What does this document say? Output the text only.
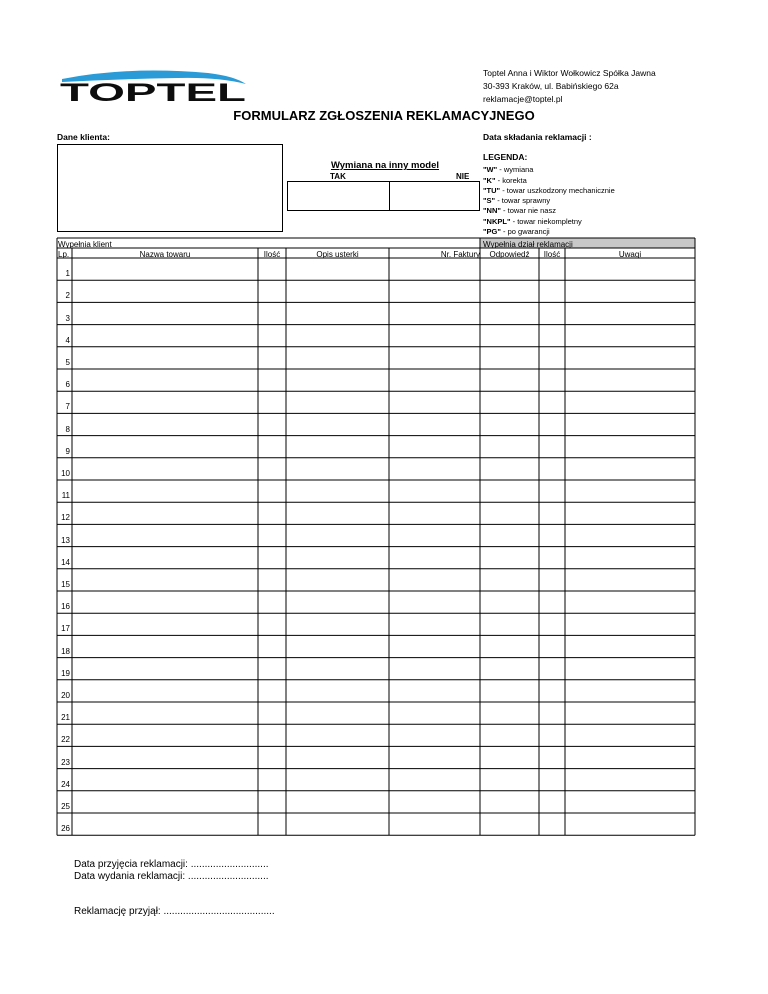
Toptel Anna i Wiktor Wołkowicz Spółka Jawna
30-393 Kraków, ul. Babińskiego 62a
reklamacje@toptel.pl
TOPTEL
FORMULARZ ZGŁOSZENIA REKLAMACYJNEGO
Dane klienta:	Data składania reklamacji :
Wymiana na inny model
TAK	NIE
LEGENDA:
"W" - wymiana
"K" - korekta
"TU" - towar uszkodzony mechanicznie
"S" - towar sprawny
"NN" - towar nie nasz
"NKPL" - towar niekompletny
"PG" - po gwarancji
Wypełnia klient	Wypełnia dział reklamacji
Lp.	Nazwa towaru	Ilość	Opis usterki	Nr. Faktury	Odpowiedź	Ilość	Uwagi
1
2
3
4
5
6
7
8
9
10
11
12
13
14
15
16
17
18
19
20
21
22
23
24
25
26
Data przyjęcia reklamacji: ............................
Data wydania reklamacji: .............................
Reklamację przyjął: ........................................
